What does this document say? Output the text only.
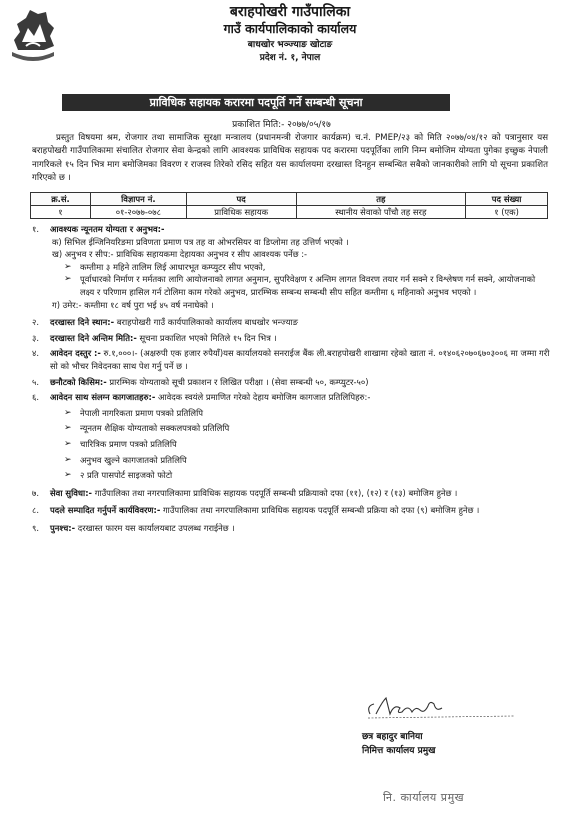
बराहपोखरी गाउँपालिका
गाउँ कार्यपालिकाको कार्यालय
बाधखोर भञ्ज्याङ खोटाङ
प्रदेश नं. १, नेपाल
प्राविधिक सहायक करारमा पदपूर्ति गर्ने सम्बन्धी सूचना
प्रकाशित मिति:- २०७७/०५/१७
प्रस्तुत विषयमा श्रम, रोजगार तथा सामाजिक सुरक्षा मन्त्रालय (प्रधानमन्त्री रोजगार कार्यक्रम) च.नं. PMEP/२३ को मिति २०७७/०४/१२ को पत्रानुसार यस बराहपोखरी गाउँपालिकामा संचालित रोजगार सेवा केन्द्रको लागि आवश्यक प्राविधिक सहायक पद करारमा पदपूर्तिका लागि निम्न बमोजिम योग्यता पुगेका इच्छुक नेपाली नागरिकले १५ दिन भित्र माग बमोजिमका विवरण र राजस्व तिरेको रसिद सहित यस कार्यालयमा दरखास्त दिनहुन सम्बन्धित सबैको जानकारीको लागि यो सूचना प्रकाशित गरिएको छ ।
क्र.सं.	विज्ञापन नं.	पद	तह	पद संख्या
१	०१-२०७७-०७८	प्राविधिक सहायक	स्थानीय सेवाको पाँचौ तह सरह	१ (एक)
१.	आवश्यक न्यूनतम योग्यता र अनुभव:-
क) सिभिल ईन्जिनियरिङमा प्रविणता प्रमाण पत्र तह वा ओभरसियर वा डिप्लोमा तह उत्तिर्ण भएको ।
ख) अनुभव र सीप:- प्राविधिक सहायकमा देहायका अनुभव र सीप आवश्यक पर्नेछ :-
➢	कम्तीमा ३ महिने तालिम लिई आधारभूत कम्प्युटर सीप भएको,
➢	पूर्वाधारको निर्माण र मर्मतका लागि आयोजनाको लागत अनुमान, सुपरिवेक्षण र अन्तिम लागत विवरण तयार गर्न सक्ने र विश्लेषण गर्न सक्ने, आयोजनाको लक्ष्य र परिणाम हासिल गर्न टोलिमा काम गरेको अनुभव, प्रारम्भिक सम्बन्ध सम्बन्धी सीप सहित कम्तीमा ६ महिनाको अनुभव भएको ।
ग) उमेर:- कम्तीमा १८ वर्ष पुरा भई ४५ वर्ष ननाघेको ।
२.	दरखास्त दिने स्थान:- बराहपोखरी गाउँ कार्यपालिकाको कार्यालय बाधखोर भन्ज्याङ
३.	दरखास्त दिने अन्तिम मिति:- सूचना प्रकाशित भएको मितिले १५ दिन भित्र ।
४.	आवेदन दस्तुर :- रु.१,०००।- (अक्षरुपी एक हजार रुपैयाँ)यस कार्यालयको सनराईज बैंक ली.बराहपोखरी शाखामा रहेको खाता नं. ०१४०६२०७०६७०३००६ मा जम्मा गरी सो को भौचर निवेदनका साथ पेश गर्नु पर्ने छ ।
५.	छनौटको किसिम:- प्रारम्भिक योग्यताको सूची प्रकाशन र लिखित परीक्षा । (सेवा सम्बन्धी ५०, कम्प्युटर-५०)
६.	आवेदन साथ संलग्न कागजातहरु:- आवेदक स्वयंले प्रमाणित गरेको देहाय बमोजिम कागजात प्रतिलिपिहरु:-
➢	नेपाली नागरिकता प्रमाण पत्रको प्रतिलिपि
➢	न्यूनतम शैक्षिक योग्यताको सक्कलपत्रको प्रतिलिपि
➢	चारित्रिक प्रमाण पत्रको प्रतिलिपि
➢	अनुभव खुल्ने कागजातको प्रतिलिपि
➢	२ प्रति पासपोर्ट साइजको फोटो
७.	सेवा सुविधा:- गाउँपालिका तथा नगरपालिकामा प्राविधिक सहायक पदपूर्ति सम्बन्धी प्रक्रियाको दफा (११), (१२) र (१३) बमोजिम हुनेछ ।
८.	पदले सम्पादित गर्नुपर्ने कार्यविवरण:- गाउँपालिका तथा नगरपालिकामा प्राविधिक सहायक पदपूर्ति सम्बन्धी प्रक्रिया को दफा (९) बमोजिम हुनेछ ।
९.	पुनश्च:- दरखास्त फारम यस कार्यालयबाट उपलब्ध गराईनेछ ।
छत्र बहादुर बानिया
निमित्त कार्यालय प्रमुख
नि. कार्यालय प्रमुख
